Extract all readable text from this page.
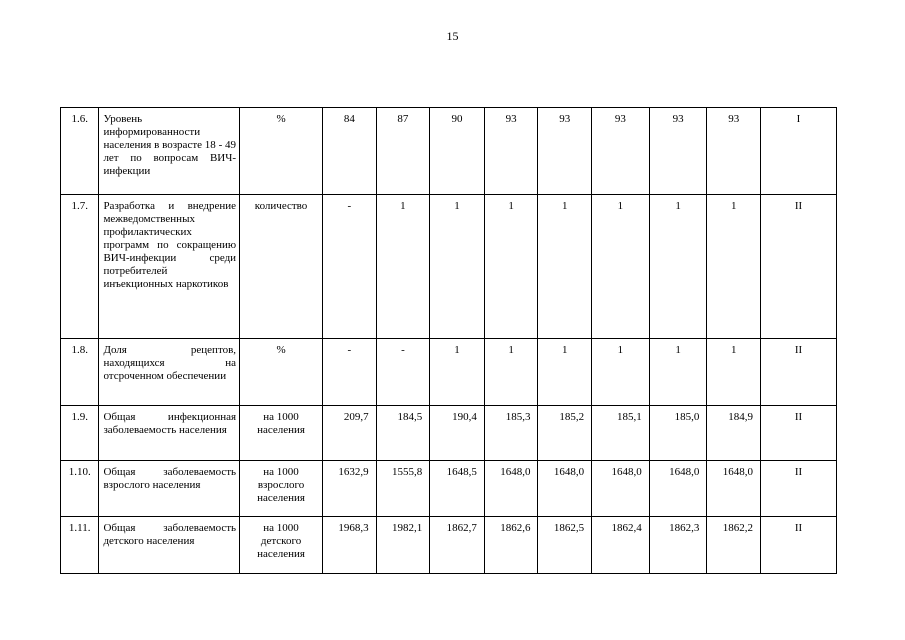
15
1.6.	Уровень информированности населения в возрасте 18 - 49 лет по вопросам ВИЧ-инфекции	%	84	87	90	93	93	93	93	93	I
1.7.	Разработка и внедрение межведомственных профилактических программ по сокращению ВИЧ-инфекции среди потребителей инъекционных наркотиков	количество	-	1	1	1	1	1	1	1	II
1.8.	Доля рецептов, находящихся на отсроченном обеспечении	%	-	-	1	1	1	1	1	1	II
1.9.	Общая инфекционная заболеваемость населения	на 1000 населения	209,7	184,5	190,4	185,3	185,2	185,1	185,0	184,9	II
1.10.	Общая заболеваемость взрослого населения	на 1000 взрослого населения	1632,9	1555,8	1648,5	1648,0	1648,0	1648,0	1648,0	1648,0	II
1.11.	Общая заболеваемость детского населения	на 1000 детского населения	1968,3	1982,1	1862,7	1862,6	1862,5	1862,4	1862,3	1862,2	II
